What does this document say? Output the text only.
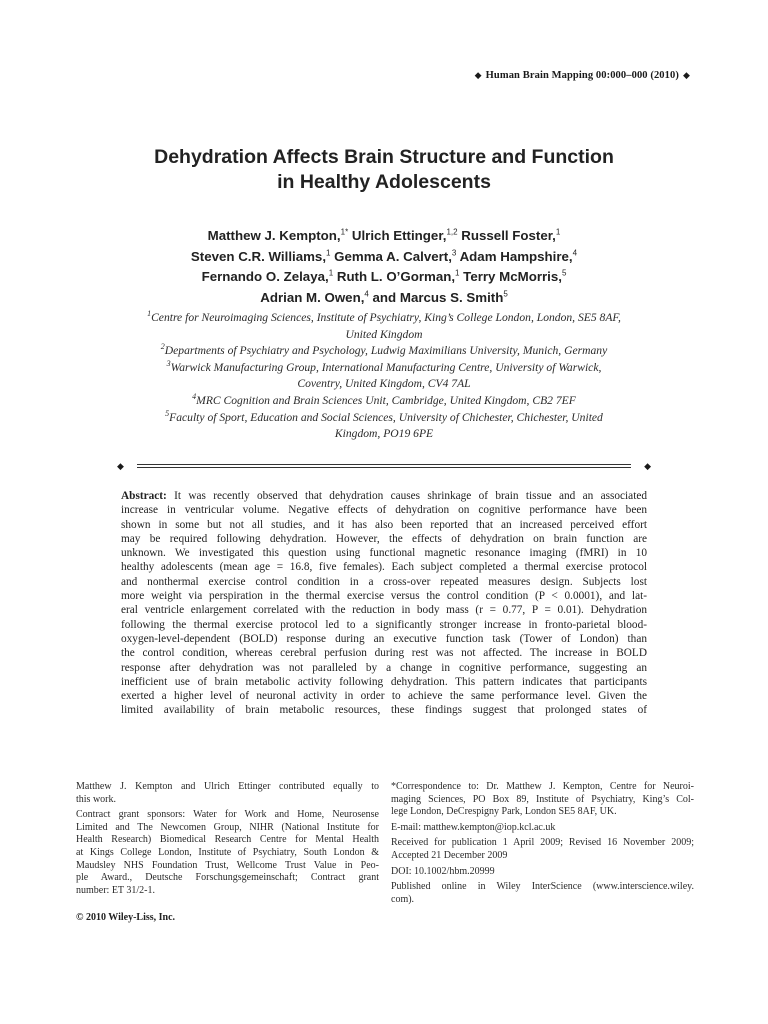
◆ Human Brain Mapping 00:000–000 (2010) ◆
Dehydration Affects Brain Structure and Function
in Healthy Adolescents
Matthew J. Kempton,$^{1*}$ Ulrich Ettinger,$^{1,2}$ Russell Foster,$^1$
Steven C.R. Williams,$^1$ Gemma A. Calvert,$^3$ Adam Hampshire,$^4$
Fernando O. Zelaya,$^1$ Ruth L. O’Gorman,$^1$ Terry McMorris,$^5$
Adrian M. Owen,$^4$ and Marcus S. Smith$^5$
$^1$Centre for Neuroimaging Sciences, Institute of Psychiatry, King’s College London, London, SE5 8AF,
United Kingdom
$^2$Departments of Psychiatry and Psychology, Ludwig Maximilians University, Munich, Germany
$^3$Warwick Manufacturing Group, International Manufacturing Centre, University of Warwick,
Coventry, United Kingdom, CV4 7AL
$^4$MRC Cognition and Brain Sciences Unit, Cambridge, United Kingdom, CB2 7EF
$^5$Faculty of Sport, Education and Social Sciences, University of Chichester, Chichester, United
Kingdom, PO19 6PE
◆	◆
Abstract: It was recently observed that dehydration causes shrinkage of brain tissue and an associated
increase in ventricular volume. Negative effects of dehydration on cognitive performance have been
shown in some but not all studies, and it has also been reported that an increased perceived effort
may be required following dehydration. However, the effects of dehydration on brain function are
unknown. We investigated this question using functional magnetic resonance imaging (fMRI) in 10
healthy adolescents (mean age = 16.8, five females). Each subject completed a thermal exercise protocol
and nonthermal exercise control condition in a cross-over repeated measures design. Subjects lost
more weight via perspiration in the thermal exercise versus the control condition (P < 0.0001), and lat-
eral ventricle enlargement correlated with the reduction in body mass (r = 0.77, P = 0.01). Dehydration
following the thermal exercise protocol led to a significantly stronger increase in fronto-parietal blood-
oxygen-level-dependent (BOLD) response during an executive function task (Tower of London) than
the control condition, whereas cerebral perfusion during rest was not affected. The increase in BOLD
response after dehydration was not paralleled by a change in cognitive performance, suggesting an
inefficient use of brain metabolic activity following dehydration. This pattern indicates that participants
exerted a higher level of neuronal activity in order to achieve the same performance level. Given the
limited availability of brain metabolic resources, these findings suggest that prolonged states of
Matthew J. Kempton and Ulrich Ettinger contributed equally to
this work.
Contract grant sponsors: Water for Work and Home, Neurosense
Limited and The Newcomen Group, NIHR (National Institute for
Health Research) Biomedical Research Centre for Mental Health
at Kings College London, Institute of Psychiatry, South London &
Maudsley NHS Foundation Trust, Wellcome Trust Value in Peo-
ple Award., Deutsche Forschungsgemeinschaft; Contract grant
number: ET 31/2-1.
*Correspondence to: Dr. Matthew J. Kempton, Centre for Neuroi-
maging Sciences, PO Box 89, Institute of Psychiatry, King’s Col-
lege London, DeCrespigny Park, London SE5 8AF, UK.
E-mail: matthew.kempton@iop.kcl.ac.uk
Received for publication 1 April 2009; Revised 16 November 2009;
Accepted 21 December 2009
DOI: 10.1002/hbm.20999
Published online in Wiley InterScience (www.interscience.wiley.
com).
© 2010 Wiley-Liss, Inc.
